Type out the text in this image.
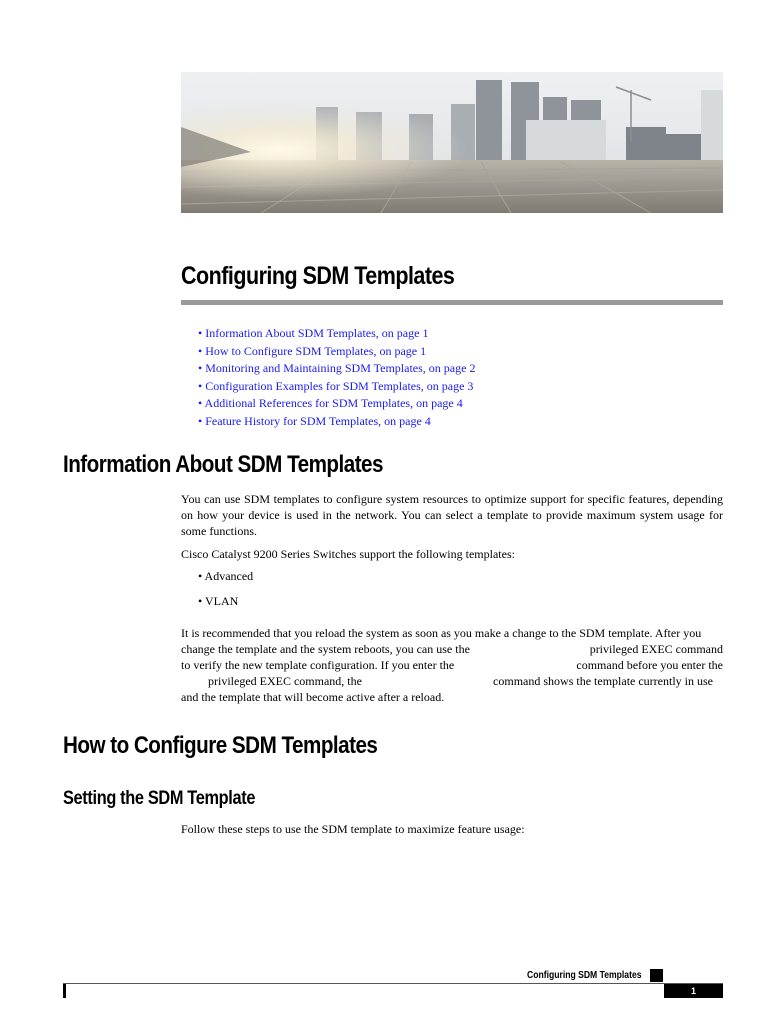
Configuring SDM Templates
• Information About SDM Templates, on page 1
• How to Configure SDM Templates, on page 1
• Monitoring and Maintaining SDM Templates, on page 2
• Configuration Examples for SDM Templates, on page 3
• Additional References for SDM Templates, on page 4
• Feature History for SDM Templates, on page 4
Information About SDM Templates

You can use SDM templates to configure system resources to optimize support for specific features, depending
on how your device is used in the network. You can select a template to provide maximum system usage for
some functions.

Cisco Catalyst 9200 Series Switches support the following templates:

• Advanced
• VLAN
It is recommended that you reload the system as soon as you make a change to the SDM template. After you
change the template and the system reboots, you can use the	privileged EXEC command
to verify the new template configuration. If you enter the	command before you enter the
privileged EXEC command, the	command shows the template currently in use
and the template that will become active after a reload.
How to Configure SDM Templates
Setting the SDM Template

Follow these steps to use the SDM template to maximize feature usage:

Configuring SDM Templates
1
